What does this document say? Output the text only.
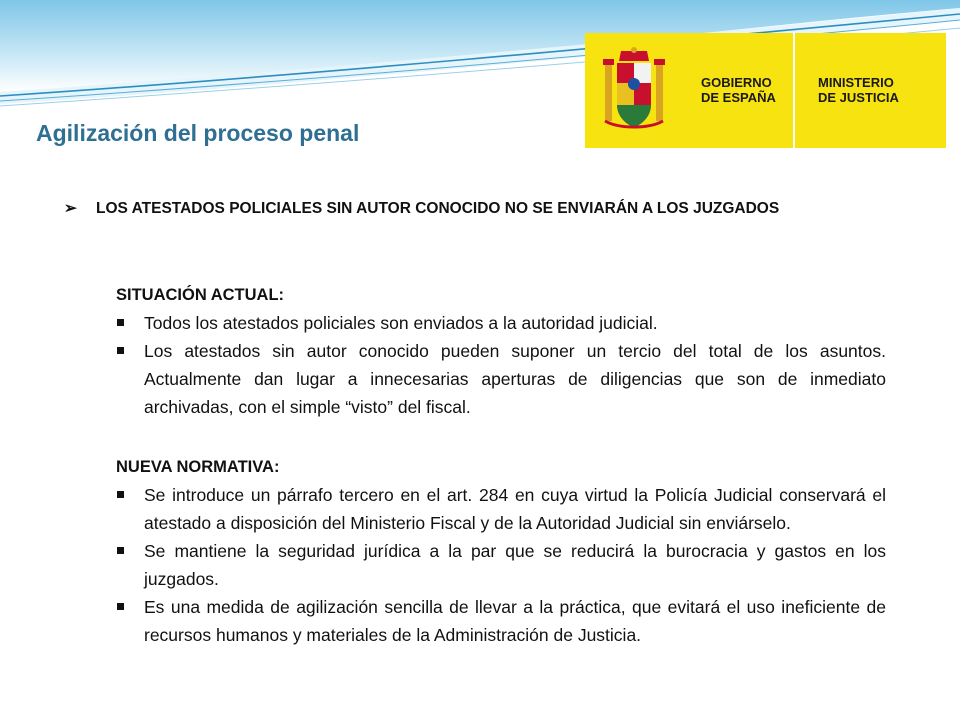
GOBIERNO
DE ESPAÑA
MINISTERIO
DE JUSTICIA
Agilización del proceso penal
➢	LOS ATESTADOS POLICIALES SIN AUTOR CONOCIDO NO SE ENVIARÁN A LOS JUZGADOS
SITUACIÓN ACTUAL:
Todos los atestados policiales son enviados a la autoridad judicial.
Los atestados sin autor conocido pueden suponer un tercio del total de los asuntos. Actualmente dan lugar a innecesarias aperturas de diligencias que son de inmediato archivadas, con el simple “visto” del fiscal.
NUEVA NORMATIVA:
Se introduce un párrafo tercero en el art. 284 en cuya virtud la Policía Judicial conservará el atestado a disposición del Ministerio Fiscal y de la Autoridad Judicial sin enviárselo.
Se mantiene la seguridad jurídica a la par que se reducirá la burocracia y gastos en los juzgados.
Es una medida de agilización sencilla de llevar a la práctica, que evitará el uso ineficiente de recursos humanos y materiales de la Administración de Justicia.
